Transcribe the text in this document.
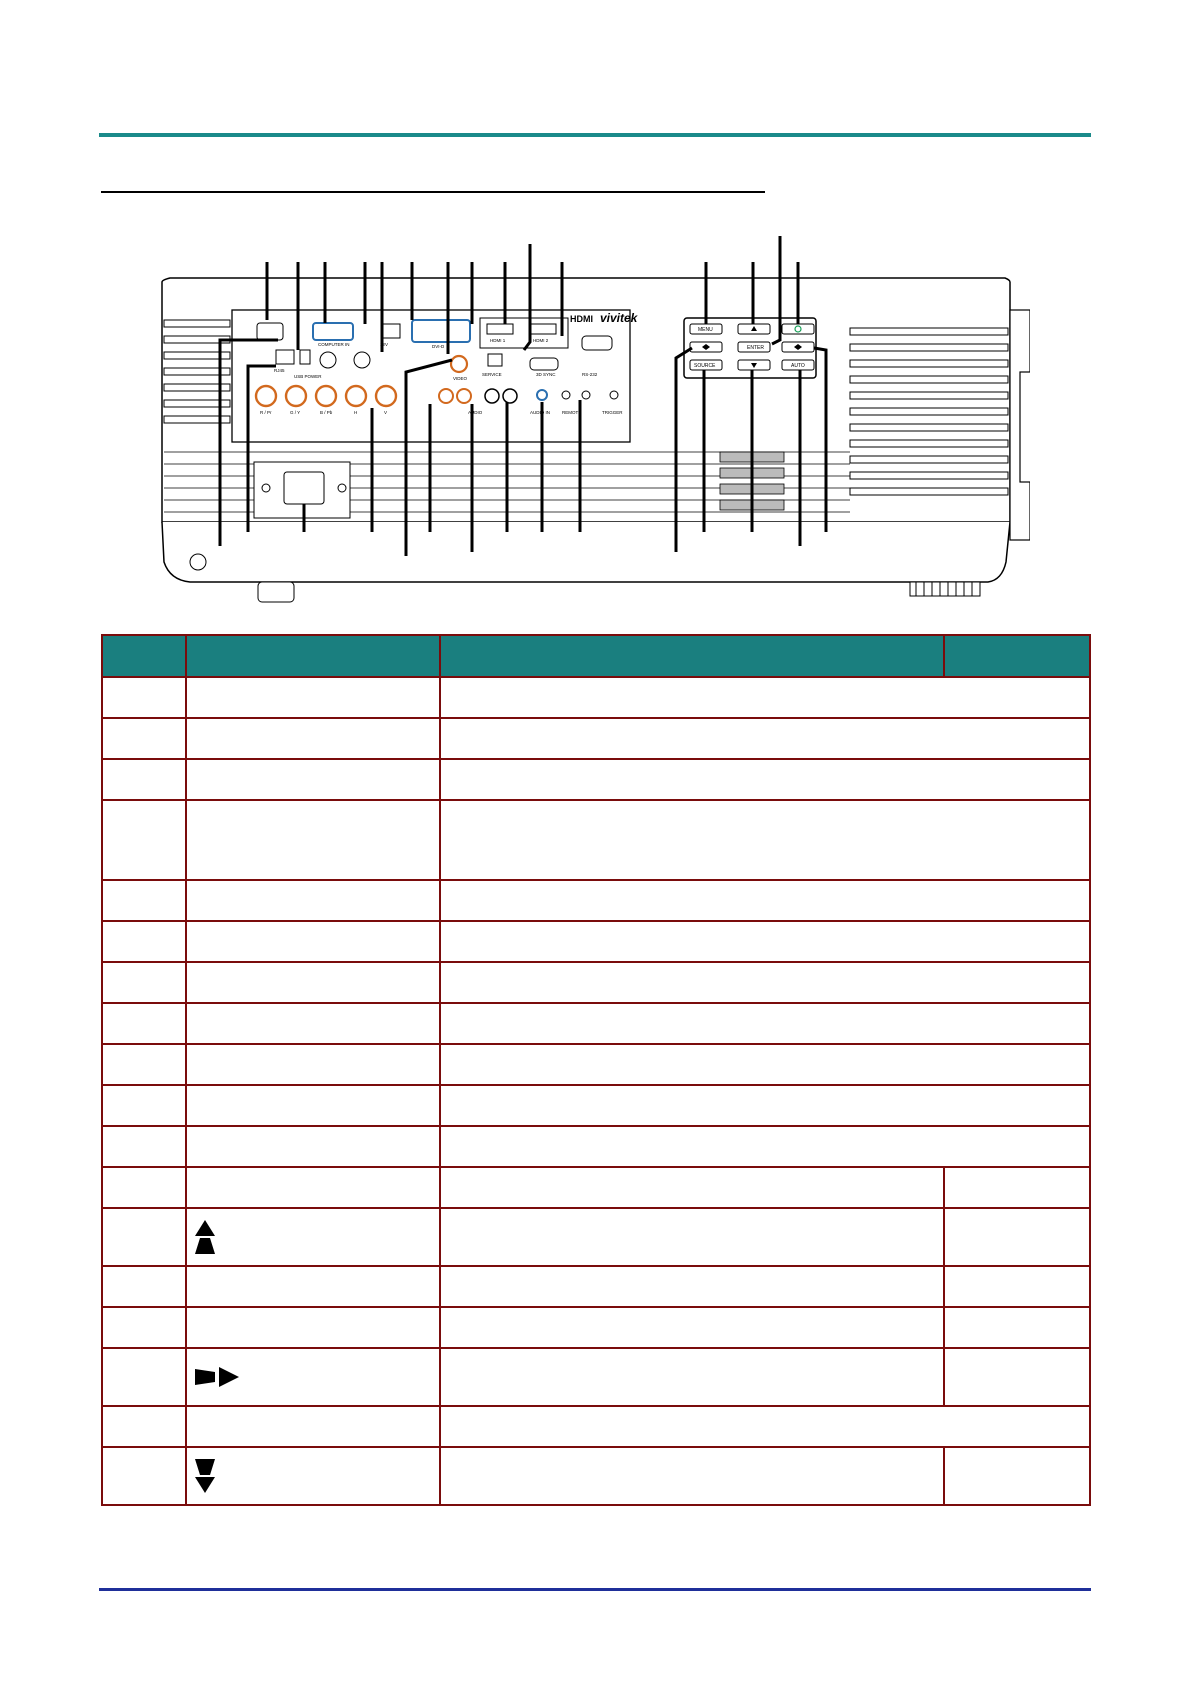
HDMI vivitek
COMPUTER IN	12V	DVI-D
HDMI 1	HDMI 2
3D SYNC	RS-232
SERVICE
RJ45
USB POWER	VIDEO
R / Pr	G / Y	B / Pb	H	V	AUDIO	AUDIO IN	REMOTE	TRIGGER
MENU
ENTER
SOURCE	AUTO
